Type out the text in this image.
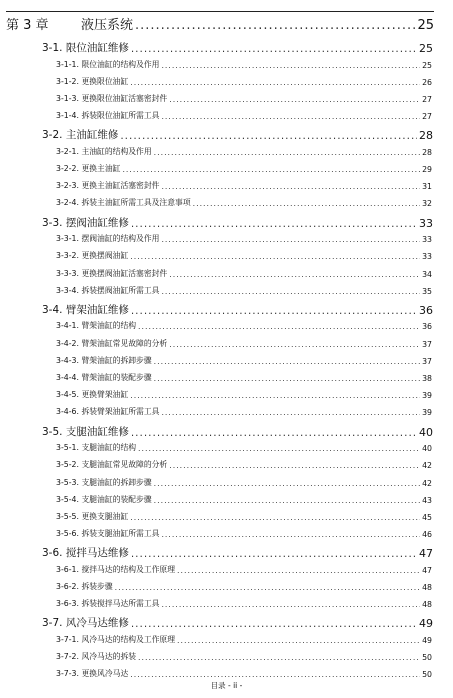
第 3 章 液压系统 .....	25
目录 - ii -
3-1. 限位油缸维修 .....	25
3-1-1. 限位油缸的结构及作用 .....	25
3-1-2. 更换限位油缸 .....	26
3-1-3. 更换限位油缸活塞密封件 .....	27
3-1-4. 拆装限位油缸所需工具 .....	27
3-2. 主油缸维修 .....	28
3-2-1. 主油缸的结构及作用 .....	28
3-2-2. 更换主油缸 .....	29
3-2-3. 更换主油缸活塞密封件 .....	31
3-2-4. 拆装主油缸所需工具及注意事项 .....	32
3-3. 摆阀油缸维修 .....	33
3-3-1. 摆阀油缸的结构及作用 .....	33
3-3-2. 更换摆阀油缸 .....	33
3-3-3. 更换摆阀油缸活塞密封件 .....	34
3-3-4. 拆装摆阀油缸所需工具 .....	35
3-4. 臂架油缸维修 .....	36
3-4-1. 臂架油缸的结构 .....	36
3-4-2. 臂架油缸常见故障的分析 .....	37
3-4-3. 臂架油缸的拆卸步骤 .....	37
3-4-4. 臂架油缸的装配步骤 .....	38
3-4-5. 更换臂架油缸 .....	39
3-4-6. 拆装臂架油缸所需工具 .....	39
3-5. 支腿油缸维修 .....	40
3-5-1. 支腿油缸的结构 .....	40
3-5-2. 支腿油缸常见故障的分析 .....	42
3-5-3. 支腿油缸的拆卸步骤 .....	42
3-5-4. 支腿油缸的装配步骤 .....	43
3-5-5. 更换支腿油缸 .....	45
3-5-6. 拆装支腿油缸所需工具 .....	46
3-6. 搅拌马达维修 .....	47
3-6-1. 搅拌马达的结构及工作原理 .....	47
3-6-2. 拆装步骤 .....	48
3-6-3. 拆装搅拌马达所需工具 .....	48
3-7. 风冷马达维修 .....	49
3-7-1. 风冷马达的结构及工作原理 .....	49
3-7-2. 风冷马达的拆装 .....	50
3-7-3. 更换风冷马达 .....	50
